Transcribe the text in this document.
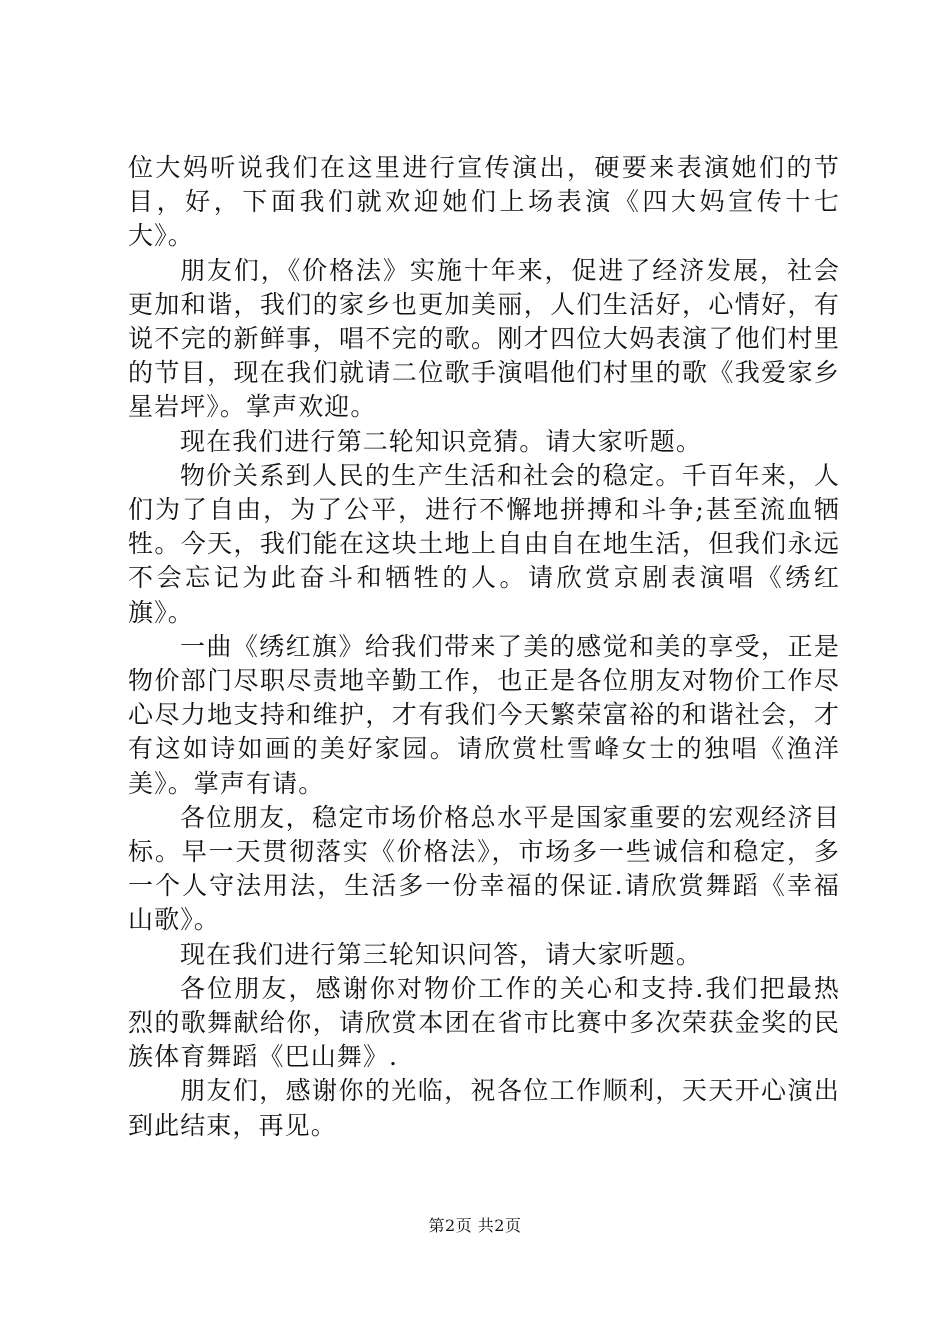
位大妈听说我们在这里进行宣传演出，硬要来表演她们的节目，好，下面我们就欢迎她们上场表演《四大妈宣传十七大》。

朋友们，《价格法》实施十年来，促进了经济发展，社会更加和谐，我们的家乡也更加美丽，人们生活好，心情好，有说不完的新鲜事，唱不完的歌。刚才四位大妈表演了他们村里的节目，现在我们就请二位歌手演唱他们村里的歌《我爱家乡星岩坪》。掌声欢迎。

现在我们进行第二轮知识竞猜。请大家听题。

物价关系到人民的生产生活和社会的稳定。千百年来，人们为了自由，为了公平，进行不懈地拼搏和斗争;甚至流血牺牲。今天，我们能在这块土地上自由自在地生活，但我们永远不会忘记为此奋斗和牺牲的人。请欣赏京剧表演唱《绣红旗》。

一曲《绣红旗》给我们带来了美的感觉和美的享受，正是物价部门尽职尽责地辛勤工作，也正是各位朋友对物价工作尽心尽力地支持和维护，才有我们今天繁荣富裕的和谐社会，才有这如诗如画的美好家园。请欣赏杜雪峰女士的独唱《渔洋美》。掌声有请。

各位朋友，稳定市场价格总水平是国家重要的宏观经济目标。早一天贯彻落实《价格法》，市场多一些诚信和稳定，多一个人守法用法，生活多一份幸福的保证.请欣赏舞蹈《幸福山歌》。

现在我们进行第三轮知识问答，请大家听题。

各位朋友，感谢你对物价工作的关心和支持.我们把最热烈的歌舞献给你，请欣赏本团在省市比赛中多次荣获金奖的民族体育舞蹈《巴山舞》.

朋友们，感谢你的光临，祝各位工作顺利，天天开心演出到此结束，再见。

第2页 共2页
